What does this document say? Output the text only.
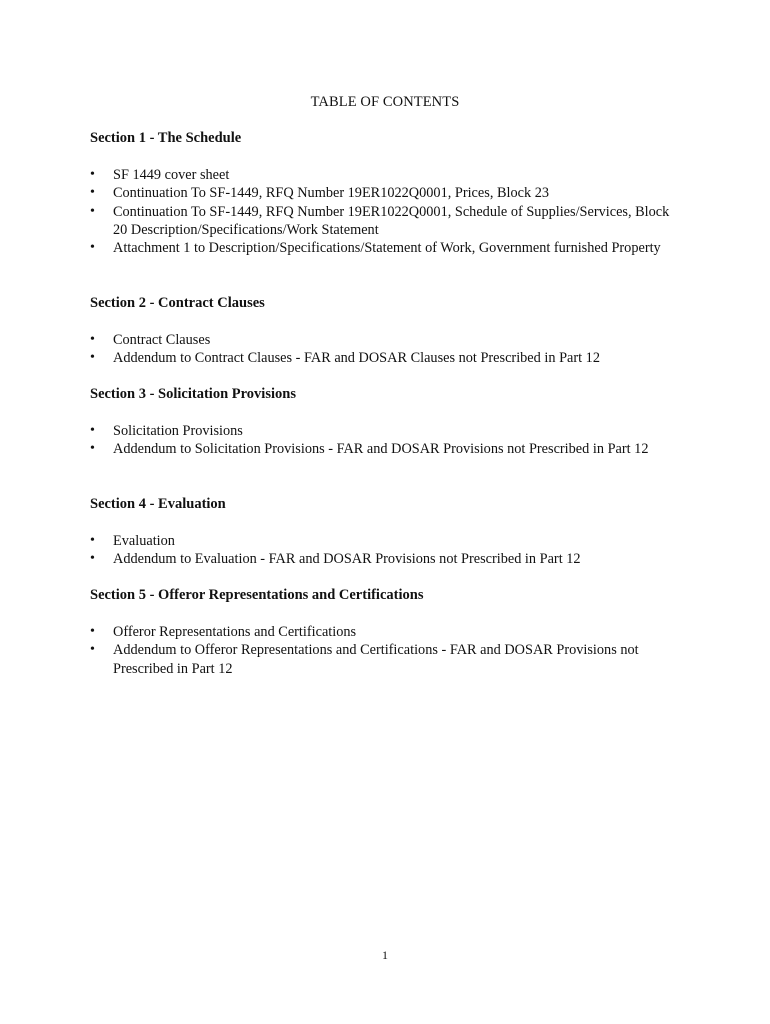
TABLE OF CONTENTS
Section 1 - The Schedule
•	SF 1449 cover sheet
•	Continuation To SF-1449, RFQ Number 19ER1022Q0001, Prices, Block 23
•	Continuation To SF-1449, RFQ Number 19ER1022Q0001, Schedule of Supplies/Services, Block 20 Description/Specifications/Work Statement
•	Attachment 1 to Description/Specifications/Statement of Work, Government furnished Property
Section 2 - Contract Clauses
•	Contract Clauses
•	Addendum to Contract Clauses - FAR and DOSAR Clauses not Prescribed in Part 12
Section 3 - Solicitation Provisions
•	Solicitation Provisions
•	Addendum to Solicitation Provisions - FAR and DOSAR Provisions not Prescribed in Part 12
Section 4 - Evaluation
•	Evaluation
•	Addendum to Evaluation - FAR and DOSAR Provisions not Prescribed in Part 12
Section 5 - Offeror Representations and Certifications
•	Offeror Representations and Certifications
•	Addendum to Offeror Representations and Certifications - FAR and DOSAR Provisions not Prescribed in Part 12
1
